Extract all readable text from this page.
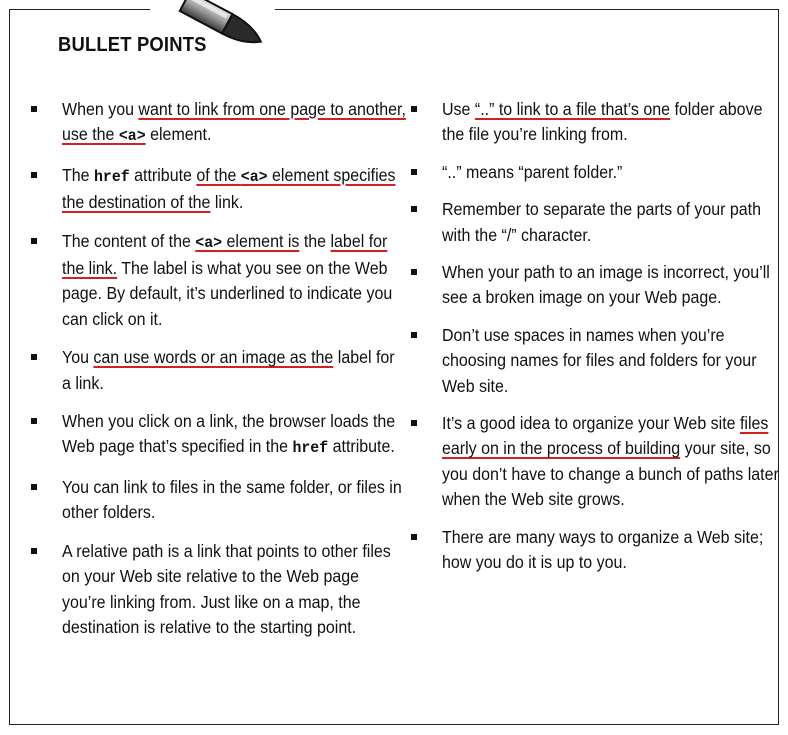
BULLET POINTS

When you want to link from one page to another, use the <a> element.

The href attribute of the <a> element specifies the destination of the link.

The content of the <a> element is the label for the link. The label is what you see on the Web page. By default, it’s underlined to indicate you can click on it.

You can use words or an image as the label for a link.

When you click on a link, the browser loads the Web page that’s specified in the href attribute.

You can link to files in the same folder, or files in other folders.

A relative path is a link that points to other files on your Web site relative to the Web page you’re linking from. Just like on a map, the destination is relative to the starting point.

Use “..” to link to a file that’s one folder above the file you’re linking from.

“..” means “parent folder.”

Remember to separate the parts of your path with the “/” character.

When your path to an image is incorrect, you’ll see a broken image on your Web page.

Don’t use spaces in names when you’re choosing names for files and folders for your Web site.

It’s a good idea to organize your Web site files early on in the process of building your site, so you don’t have to change a bunch of paths later when the Web site grows.

There are many ways to organize a Web site; how you do it is up to you.
